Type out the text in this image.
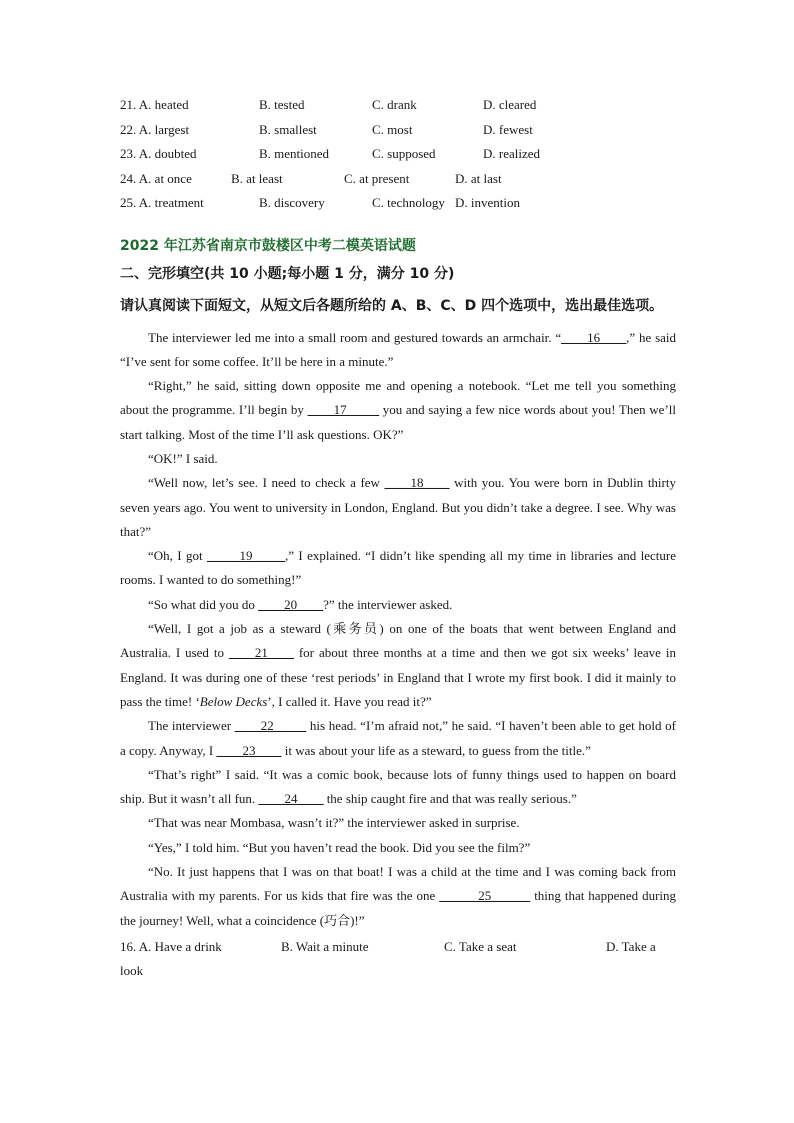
21. A. heated	B. tested	C. drank	D. cleared
22. A. largest	B. smallest	C. most	D. fewest
23. A. doubted	B. mentioned	C. supposed	D. realized
24. A. at once	B. at least	C. at present	D. at last
25. A. treatment	B. discovery	C. technology D. invention
2022 年江苏省南京市鼓楼区中考二模英语试题
二、完形填空(共 10 小题;每小题 1 分，满分 10 分)
请认真阅读下面短文，从短文后各题所给的 A、B、C、D 四个选项中，选出最佳选项。

The interviewer led me into a small room and gestured towards an armchair. “____16____,” he said “I’ve sent for some coffee. It’ll be here in a minute.”

“Right,” he said, sitting down opposite me and opening a notebook. “Let me tell you something about the programme. I’ll begin by ____17_____ you and saying a few nice words about you! Then we’ll start talking. Most of the time I’ll ask questions. OK?”

“OK!” I said.

“Well now, let’s see. I need to check a few ____18____ with you. You were born in Dublin thirty seven years ago. You went to university in London, England. But you didn’t take a degree. I see. Why was that?”

“Oh, I got _____19_____,” I explained. “I didn’t like spending all my time in libraries and lecture rooms. I wanted to do something!”

“So what did you do ____20____?” the interviewer asked.

“Well, I got a job as a steward (乘务员) on one of the boats that went between England and Australia. I used to ____21____ for about three months at a time and then we got six weeks’ leave in England. It was during one of these ‘rest periods’ in England that I wrote my first book. I did it mainly to pass the time! ‘Below Decks’, I called it. Have you read it?”

The interviewer ____22_____ his head. “I’m afraid not,” he said. “I haven’t been able to get hold of a copy. Anyway, I ____23____ it was about your life as a steward, to guess from the title.”

“That’s right” I said. “It was a comic book, because lots of funny things used to happen on board ship. But it wasn’t all fun. ____24____ the ship caught fire and that was really serious.”

“That was near Mombasa, wasn’t it?” the interviewer asked in surprise.

“Yes,” I told him. “But you haven’t read the book. Did you see the film?”

“No. It just happens that I was on that boat! I was a child at the time and I was coming back from Australia with my parents. For us kids that fire was the one ______25______ thing that happened during the journey! Well, what a coincidence (巧合)!”

16. A. Have a drink	B. Wait a minute	C. Take a seat	D. Take a
look
